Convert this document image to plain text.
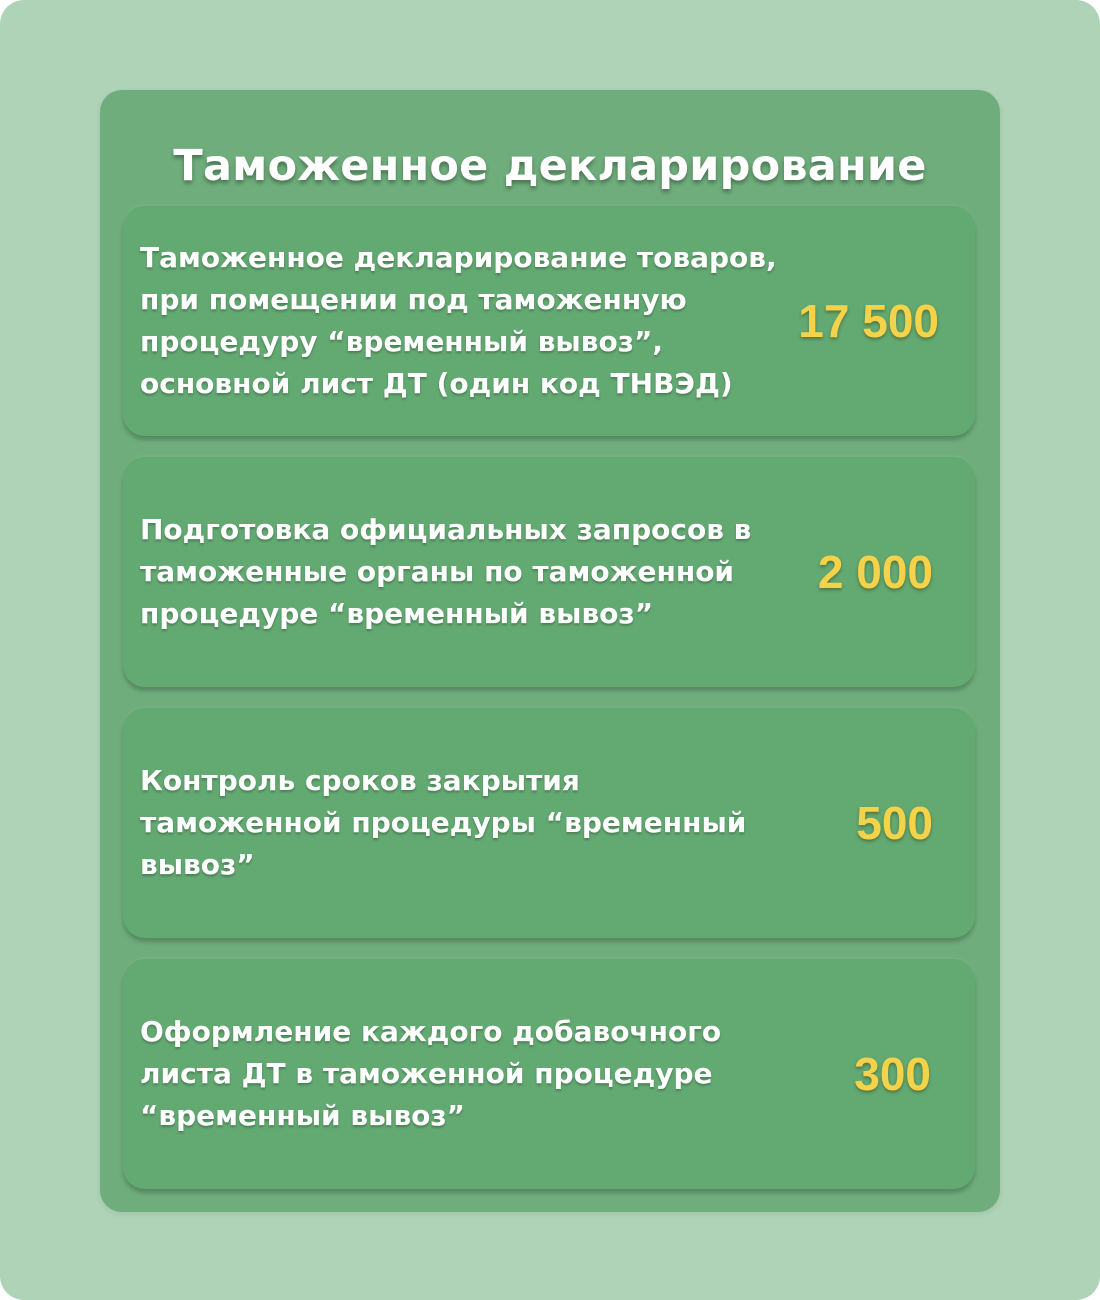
Таможенное декларирование
Таможенное декларирование товаров, при помещении под таможенную процедуру “временный вывоз”, основной лист ДТ (один код ТНВЭД)
17 500
Подготовка официальных запросов в таможенные органы по таможенной процедуре “временный вывоз”
2 000
Контроль сроков закрытия таможенной процедуры “временный вывоз”
500
Оформление каждого добавочного листа ДТ в таможенной процедуре “временный вывоз”
300
